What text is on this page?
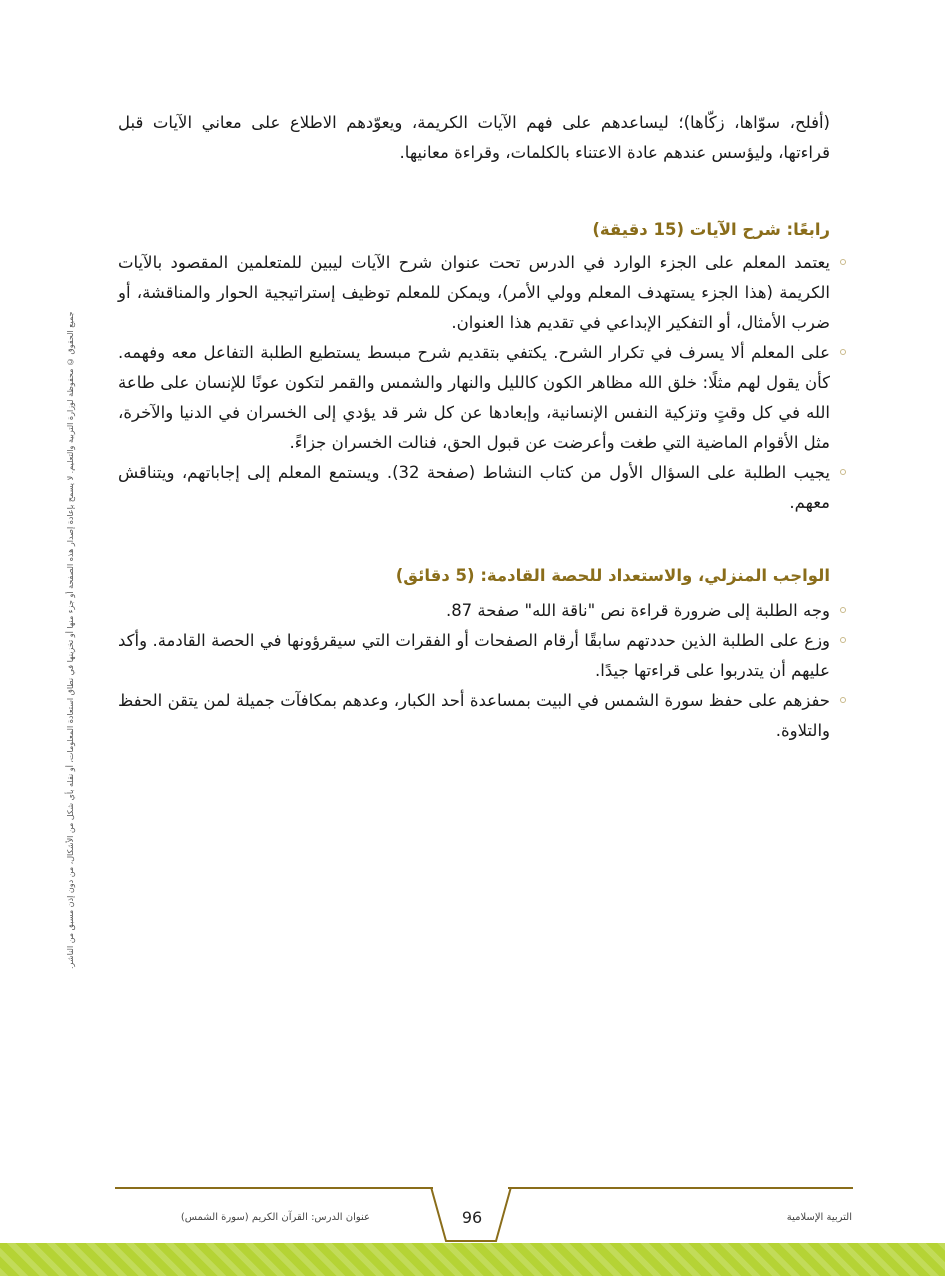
(أفلح، سوّاها، زكّاها)؛ ليساعدهم على فهم الآيات الكريمة، ويعوّدهم الاطلاع على معاني الآيات قبل قراءتها، وليؤسس عندهم عادة الاعتناء بالكلمات، وقراءة معانيها.

رابعًا: شرح الآيات (15 دقيقة)
يعتمد المعلم على الجزء الوارد في الدرس تحت عنوان شرح الآيات ليبين للمتعلمين المقصود بالآيات الكريمة (هذا الجزء يستهدف المعلم وولي الأمر)، ويمكن للمعلم توظيف إستراتيجية الحوار والمناقشة، أو ضرب الأمثال، أو التفكير الإبداعي في تقديم هذا العنوان.
على المعلم ألا يسرف في تكرار الشرح. يكتفي بتقديم شرح مبسط يستطيع الطلبة التفاعل معه وفهمه. كأن يقول لهم مثلًا: خلق الله مظاهر الكون كالليل والنهار والشمس والقمر لتكون عونًا للإنسان على طاعة الله في كل وقتٍ وتزكية النفس الإنسانية، وإبعادها عن كل شر قد يؤدي إلى الخسران في الدنيا والآخرة، مثل الأقوام الماضية التي طغت وأعرضت عن قبول الحق، فنالت الخسران جزاءً.
يجيب الطلبة على السؤال الأول من كتاب النشاط (صفحة 32). ويستمع المعلم إلى إجاباتهم، ويتناقش معهم.
الواجب المنزلي، والاستعداد للحصة القادمة: (5 دقائق)
وجه الطلبة إلى ضرورة قراءة نص "ناقة الله" صفحة 87.
وزع على الطلبة الذين حددتهم سابقًا أرقام الصفحات أو الفقرات التي سيقرؤونها في الحصة القادمة. وأكد عليهم أن يتدربوا على قراءتها جيدًا.
حفزهم على حفظ سورة الشمس في البيت بمساعدة أحد الكبار، وعدهم بمكافآت جميلة لمن يتقن الحفظ والتلاوة.
جميع الحقوق © محفوظة لوزارة التربية والتعليم. لا يسمح بإعادة إصدار هذه الصفحة أو جزء منها أو تخزينها في نطاق استعادة المعلومات، أو نقله بأي شكل من الأشكال، من دون إذن مسبق من الناشر.
96
عنوان الدرس: القرآن الكريم (سورة الشمس)	التربية الإسلامية
